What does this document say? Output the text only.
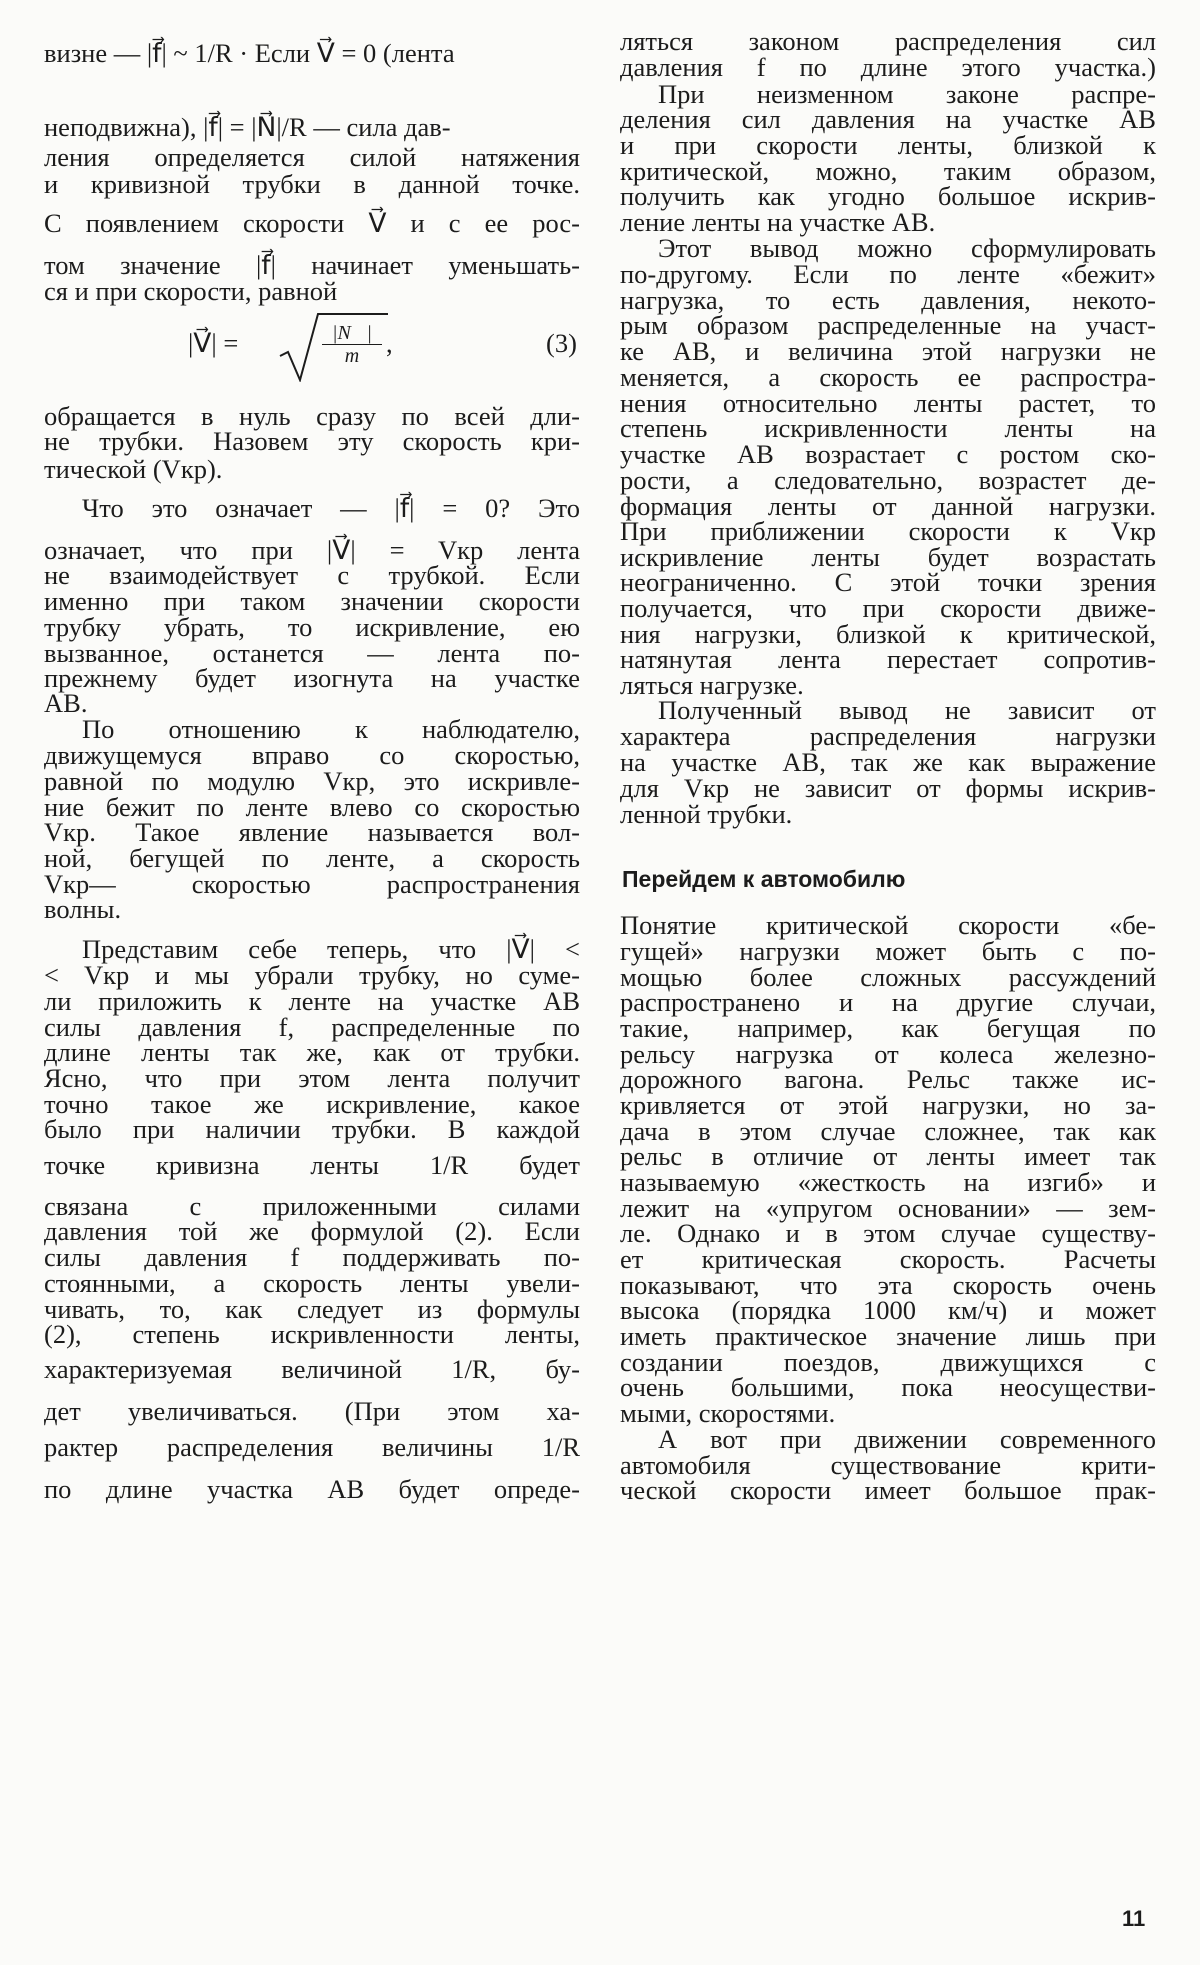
визне — |f⃗| ~ 1/R · Если V⃗ = 0 (лента
неподвижна), |f⃗| = |N⃗|/R — сила дав-
ления определяется силой натяжения
и кривизной трубки в данной точке.
С появлением скорости V⃗ и с ее рос-
том значение |f⃗| начинает уменьшать-
ся и при скорости, равной
обращается в нуль сразу по всей дли-
не трубки. Назовем эту скорость кри-
тической (Vкр).
Что это означает — |f⃗| = 0? Это
означает, что при |V⃗| = Vкр лента
не взаимодействует с трубкой. Если
именно при таком значении скорости
трубку убрать, то искривление, ею
вызванное, останется — лента по-
прежнему будет изогнута на участке
AB.
По отношению к наблюдателю,
движущемуся вправо со скоростью,
равной по модулю Vкр, это искривле-
ние бежит по ленте влево со скоростью
Vкр. Такое явление называется вол-
ной, бегущей по ленте, а скорость
Vкр— скоростью распространения
волны.
Представим себе теперь, что |V⃗| <
< Vкр и мы убрали трубку, но суме-
ли приложить к ленте на участке AB
силы давления f, распределенные по
длине ленты так же, как от трубки.
Ясно, что при этом лента получит
точно такое же искривление, какое
было при наличии трубки. В каждой
точке кривизна ленты 1/R будет
связана с приложенными силами
давления той же формулой (2). Если
силы давления f поддерживать по-
стоянными, а скорость ленты увели-
чивать, то, как следует из формулы
(2), степень искривленности ленты,
характеризуемая величиной 1/R, бу-
дет увеличиваться. (При этом ха-
рактер распределения величины 1/R
по длине участка AB будет опреде-
ляться законом распределения сил
давления f по длине этого участка.)
При неизменном законе распре-
деления сил давления на участке AB
и при скорости ленты, близкой к
критической, можно, таким образом,
получить как угодно большое искрив-
ление ленты на участке AB.
Этот вывод можно сформулировать
по-другому. Если по ленте «бежит»
нагрузка, то есть давления, некото-
рым образом распределенные на участ-
ке AB, и величина этой нагрузки не
меняется, а скорость ее распростра-
нения относительно ленты растет, то
степень искривленности ленты на
участке AB возрастает с ростом ско-
рости, а следовательно, возрастет де-
формация ленты от данной нагрузки.
При приближении скорости к Vкр
искривление ленты будет возрастать
неограниченно. С этой точки зрения
получается, что при скорости движе-
ния нагрузки, близкой к критической,
натянутая лента перестает сопротив-
ляться нагрузке.
Полученный вывод не зависит от
характера распределения нагрузки
на участке AB, так же как выражение
для Vкр не зависит от формы искрив-
ленной трубки.
Понятие критической скорости «бе-
гущей» нагрузки может быть с по-
мощью более сложных рассуждений
распространено и на другие случаи,
такие, например, как бегущая по
рельсу нагрузка от колеса железно-
дорожного вагона. Рельс также ис-
кривляется от этой нагрузки, но за-
дача в этом случае сложнее, так как
рельс в отличие от ленты имеет так
называемую «жесткость на изгиб» и
лежит на «упругом основании» — зем-
ле. Однако и в этом случае существу-
ет критическая скорость. Расчеты
показывают, что эта скорость очень
высока (порядка 1000 км/ч) и может
иметь практическое значение лишь при
создании поездов, движущихся с
очень большими, пока неосуществи-
мыми, скоростями.
А вот при движении современного
автомобиля существование крити-
ческой скорости имеет большое прак-
|V⃗| =	$\frac{|N⃗|}{m}$ ,	(3)
Перейдем к автомобилю
11
